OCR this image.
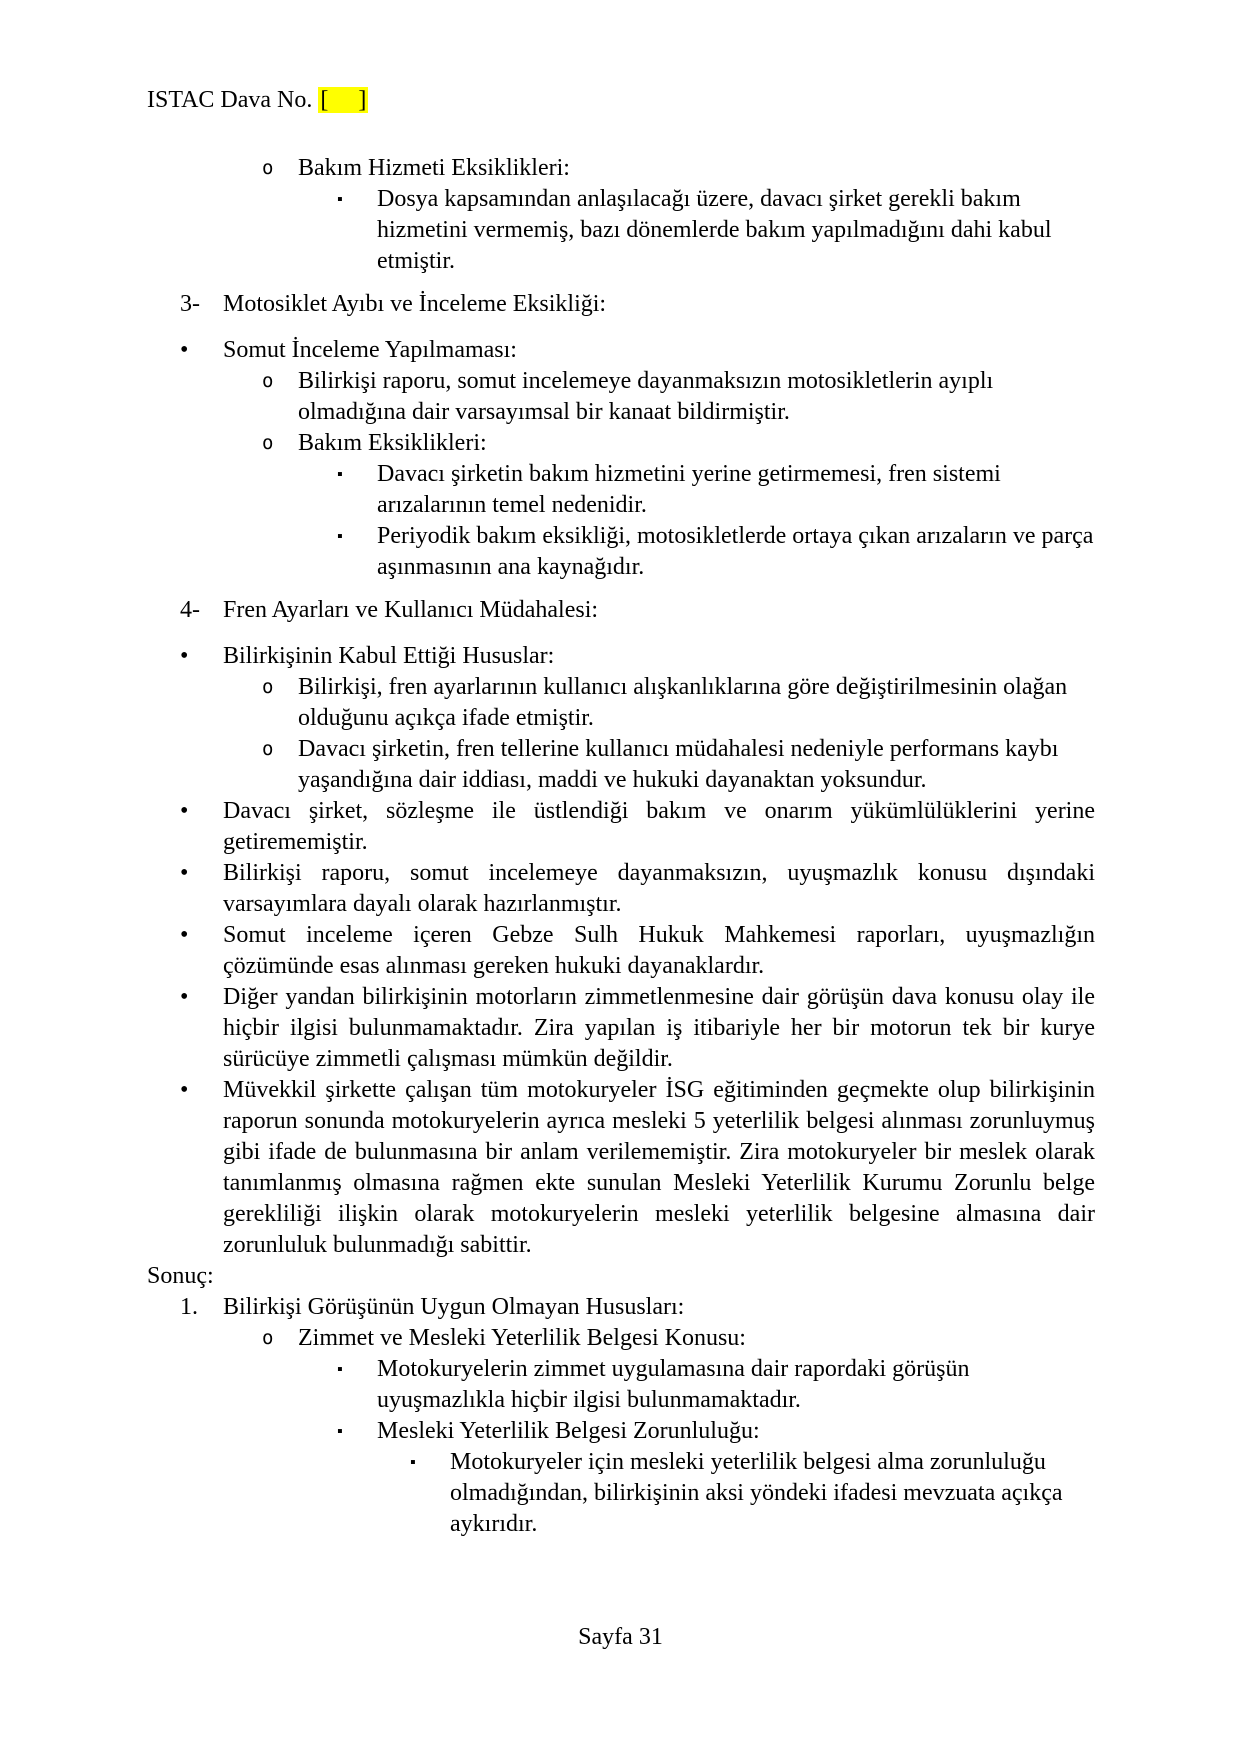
ISTAC Dava No. [     ]
o Bakım Hizmeti Eksiklikleri:
▪ Dosya kapsamından anlaşılacağı üzere, davacı şirket gerekli bakım hizmetini vermemiş, bazı dönemlerde bakım yapılmadığını dahi kabul etmiştir.
3- Motosiklet Ayıbı ve İnceleme Eksikliği:
• Somut İnceleme Yapılmaması:
o Bilirkişi raporu, somut incelemeye dayanmaksızın motosikletlerin ayıplı olmadığına dair varsayımsal bir kanaat bildirmiştir.
o Bakım Eksiklikleri:
▪ Davacı şirketin bakım hizmetini yerine getirmemesi, fren sistemi arızalarının temel nedenidir.
▪ Periyodik bakım eksikliği, motosikletlerde ortaya çıkan arızaların ve parça aşınmasının ana kaynağıdır.
4- Fren Ayarları ve Kullanıcı Müdahalesi:
• Bilirkişinin Kabul Ettiği Hususlar:
o Bilirkişi, fren ayarlarının kullanıcı alışkanlıklarına göre değiştirilmesinin olağan olduğunu açıkça ifade etmiştir.
o Davacı şirketin, fren tellerine kullanıcı müdahalesi nedeniyle performans kaybı yaşandığına dair iddiası, maddi ve hukuki dayanaktan yoksundur.
• Davacı şirket, sözleşme ile üstlendiği bakım ve onarım yükümlülüklerini yerine getirememiştir.
• Bilirkişi raporu, somut incelemeye dayanmaksızın, uyuşmazlık konusu dışındaki varsayımlara dayalı olarak hazırlanmıştır.
• Somut inceleme içeren Gebze Sulh Hukuk Mahkemesi raporları, uyuşmazlığın çözümünde esas alınması gereken hukuki dayanaklardır.
• Diğer yandan bilirkişinin motorların zimmetlenmesine dair görüşün dava konusu olay ile hiçbir ilgisi bulunmamaktadır. Zira yapılan iş itibariyle her bir motorun tek bir kurye sürücüye zimmetli çalışması mümkün değildir.
• Müvekkil şirkette çalışan tüm motokuryeler İSG eğitiminden geçmekte olup bilirkişinin raporun sonunda motokuryelerin ayrıca mesleki 5 yeterlilik belgesi alınması zorunluymuş gibi ifade de bulunmasına bir anlam verilememiştir. Zira motokuryeler bir meslek olarak tanımlanmış olmasına rağmen ekte sunulan Mesleki Yeterlilik Kurumu Zorunlu belge gerekliliği ilişkin olarak motokuryelerin mesleki yeterlilik belgesine almasına dair zorunluluk bulunmadığı sabittir.
Sonuç:
1. Bilirkişi Görüşünün Uygun Olmayan Hususları:
o Zimmet ve Mesleki Yeterlilik Belgesi Konusu:
▪ Motokuryelerin zimmet uygulamasına dair rapordaki görüşün uyuşmazlıkla hiçbir ilgisi bulunmamaktadır.
▪ Mesleki Yeterlilik Belgesi Zorunluluğu:
▪ Motokuryeler için mesleki yeterlilik belgesi alma zorunluluğu olmadığından, bilirkişinin aksi yöndeki ifadesi mevzuata açıkça aykırıdır.
Sayfa 31
